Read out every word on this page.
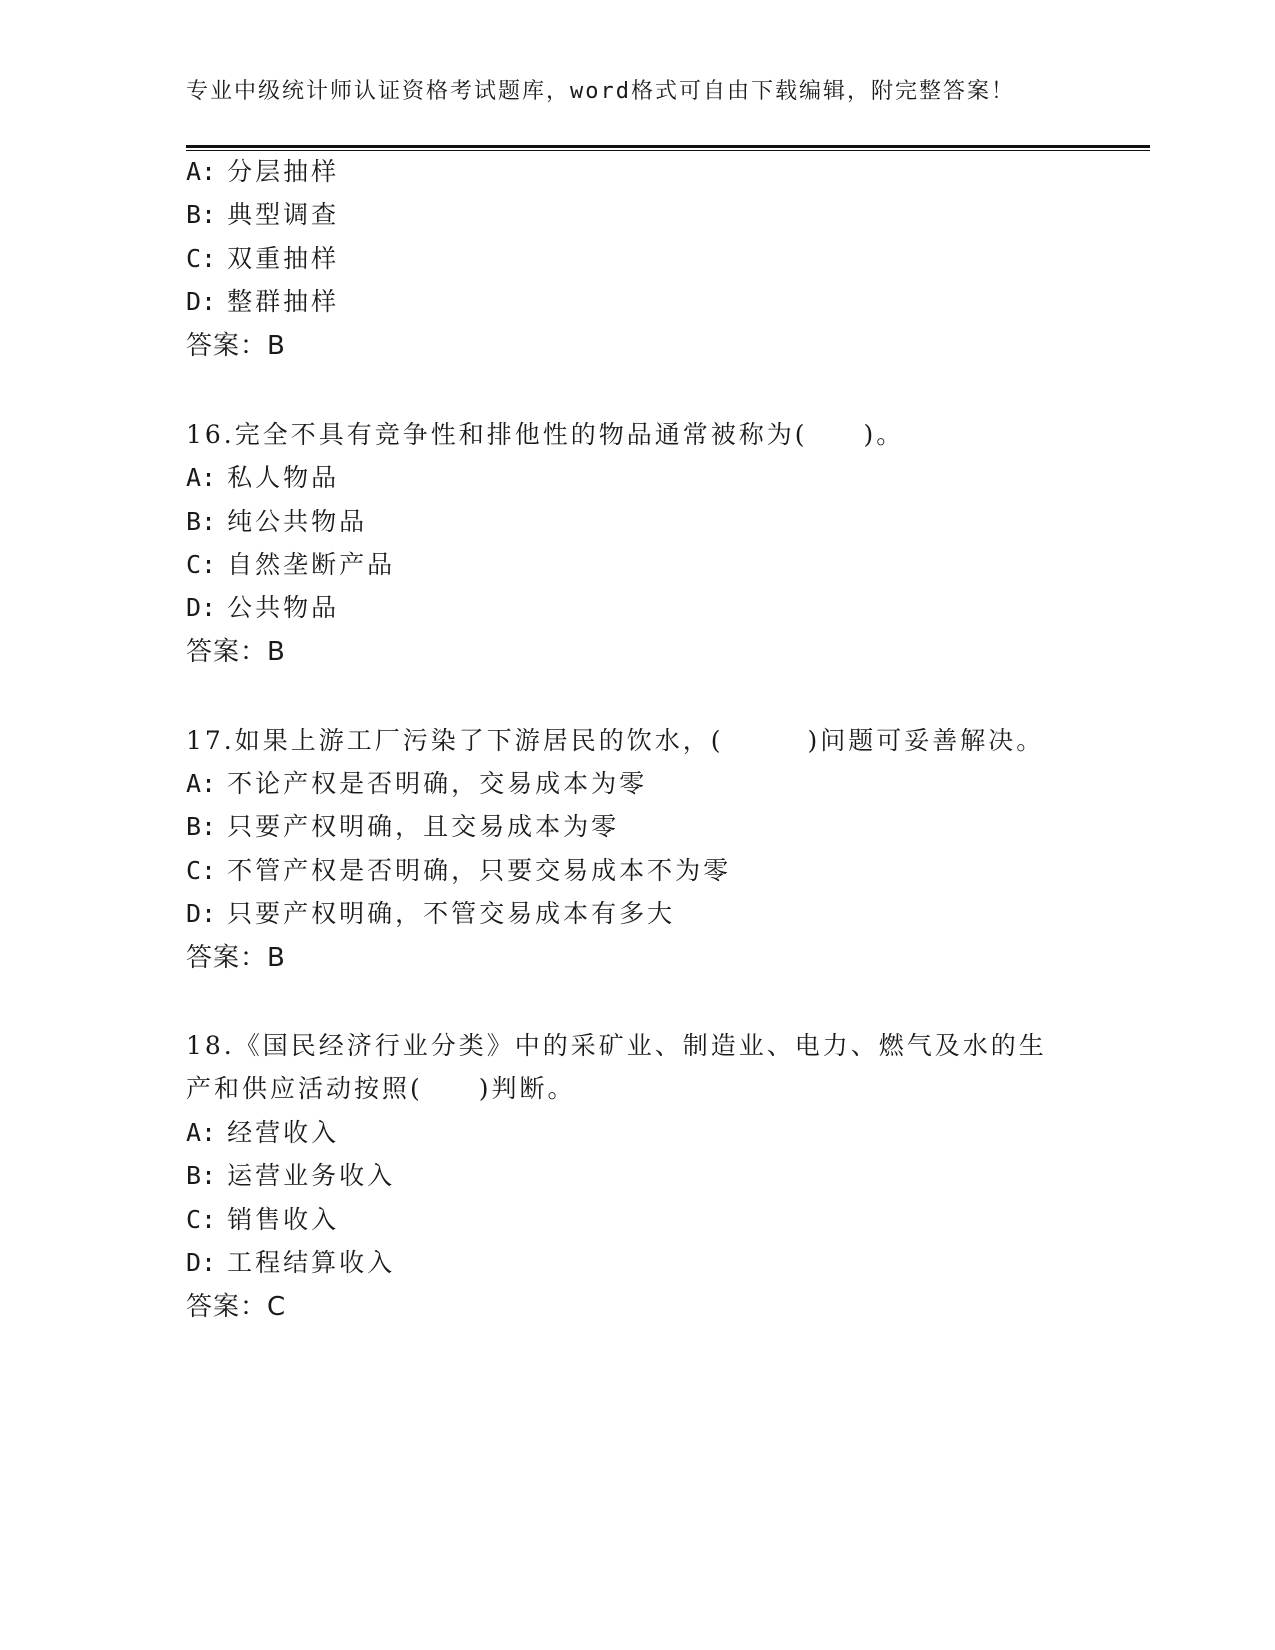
专业中级统计师认证资格考试题库，word格式可自由下载编辑，附完整答案！
A: 分层抽样
B: 典型调查
C: 双重抽样
D: 整群抽样
答案：B
16.完全不具有竞争性和排他性的物品通常被称为(　　)。
A: 私人物品
B: 纯公共物品
C: 自然垄断产品
D: 公共物品
答案：B
17.如果上游工厂污染了下游居民的饮水，(　　　)问题可妥善解决。
A: 不论产权是否明确，交易成本为零
B: 只要产权明确，且交易成本为零
C: 不管产权是否明确，只要交易成本不为零
D: 只要产权明确，不管交易成本有多大
答案：B
18.《国民经济行业分类》中的采矿业、制造业、电力、燃气及水的生
产和供应活动按照(　　)判断。
A: 经营收入
B: 运营业务收入
C: 销售收入
D: 工程结算收入
答案：C
